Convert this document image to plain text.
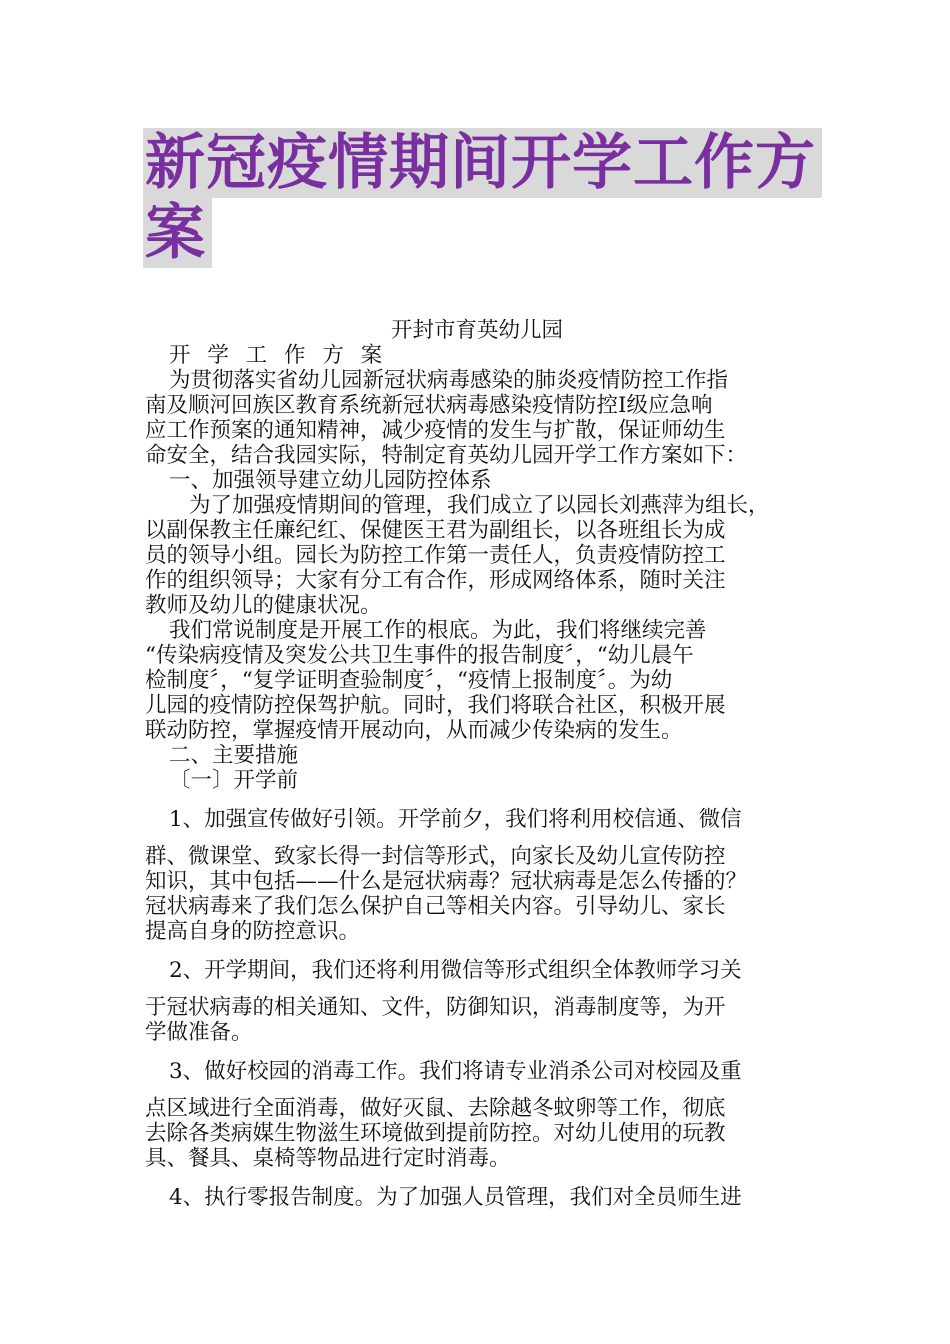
新冠疫情期间开学工作方
案
开封市育英幼儿园
开 学 工 作 方 案
为贯彻落实省幼儿园新冠状病毒感染的肺炎疫情防控工作指
南及顺河回族区教育系统新冠状病毒感染疫情防控Ⅰ级应急响
应工作预案的通知精神，减少疫情的发生与扩散，保证师幼生
命安全，结合我园实际，特制定育英幼儿园开学工作方案如下：
一、加强领导建立幼儿园防控体系
为了加强疫情期间的管理，我们成立了以园长刘燕萍为组长，
以副保教主任廉纪红、保健医王君为副组长，以各班组长为成
员的领导小组。园长为防控工作第一责任人，负责疫情防控工
作的组织领导；大家有分工有合作，形成网络体系，随时关注
教师及幼儿的健康状况。
我们常说制度是开展工作的根底。为此，我们将继续完善
“传染病疫情及突发公共卫生事件的报告制度〞，“幼儿晨午
检制度〞，“复学证明查验制度〞，“疫情上报制度〞。为幼
儿园的疫情防控保驾护航。同时，我们将联合社区，积极开展
联动防控，掌握疫情开展动向，从而减少传染病的发生。
二、主要措施
〔一〕开学前
1、加强宣传做好引领。开学前夕，我们将利用校信通、微信
群、微课堂、致家长得一封信等形式，向家长及幼儿宣传防控
知识，其中包括——什么是冠状病毒？冠状病毒是怎么传播的？
冠状病毒来了我们怎么保护自己等相关内容。引导幼儿、家长
提高自身的防控意识。
2、开学期间，我们还将利用微信等形式组织全体教师学习关
于冠状病毒的相关通知、文件，防御知识，消毒制度等，为开
学做准备。
3、做好校园的消毒工作。我们将请专业消杀公司对校园及重
点区域进行全面消毒，做好灭鼠、去除越冬蚊卵等工作，彻底
去除各类病媒生物滋生环境做到提前防控。对幼儿使用的玩教
具、餐具、桌椅等物品进行定时消毒。
4、执行零报告制度。为了加强人员管理，我们对全员师生进
